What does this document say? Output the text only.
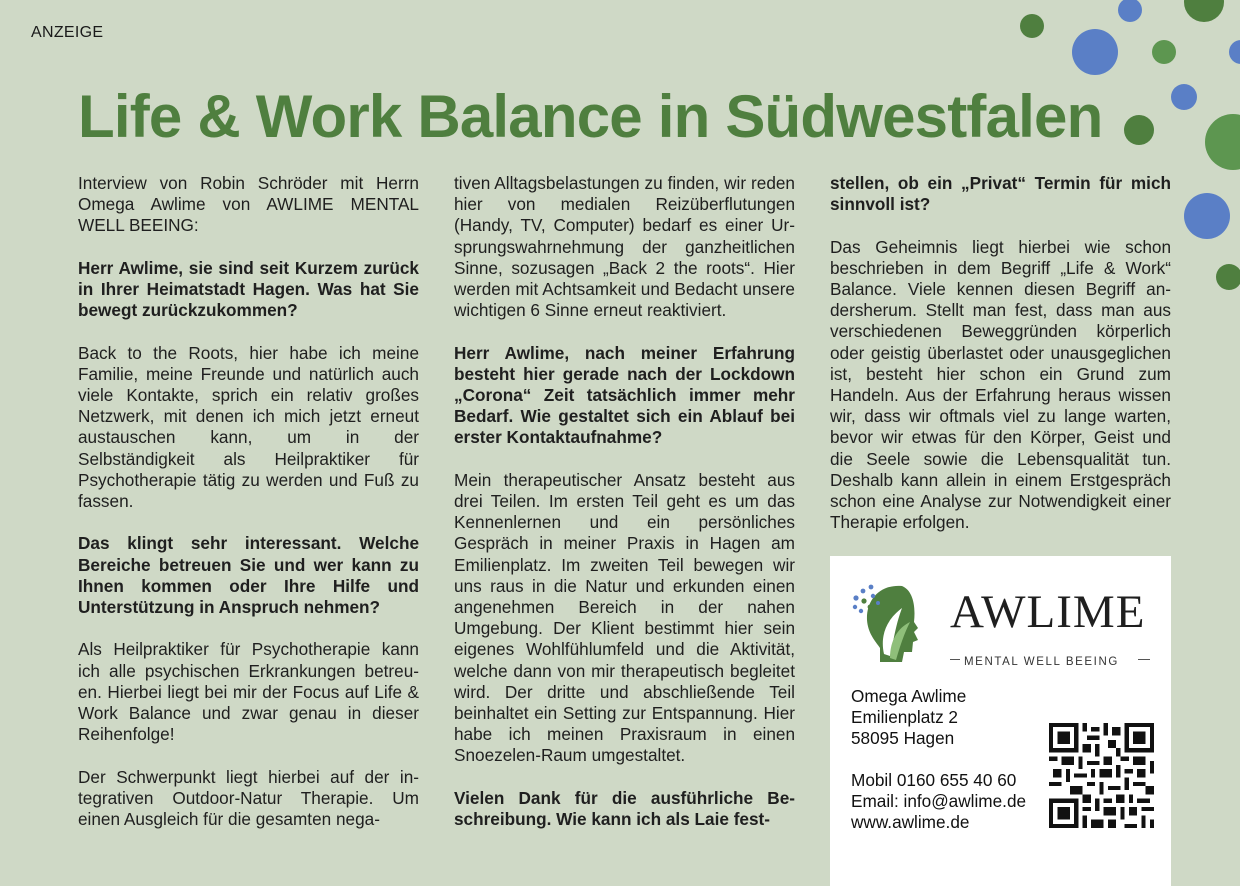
ANZEIGE
Life & Work Balance in Südwestfalen

Interview von Robin Schröder mit Herrn Omega Awlime von AWLIME MENTAL WELL BEEING:

Herr Awlime, sie sind seit Kurzem zurück in Ihrer Heimatstadt Hagen. Was hat Sie bewegt zurückzukommen?

Back to the Roots, hier habe ich meine Familie, meine Freunde und natürlich auch viele Kontakte, sprich ein relativ großes Netzwerk, mit denen ich mich jetzt erneut austauschen kann, um in der Selbständigkeit als Heilpraktiker für Psychotherapie tätig zu werden und Fuß zu fassen.

Das klingt sehr interessant. Welche Bereiche betreuen Sie und wer kann zu Ihnen kommen oder Ihre Hilfe und Unterstützung in Anspruch nehmen?

Als Heilpraktiker für Psychotherapie kann ich alle psychischen Erkrankungen betreuen. Hierbei liegt bei mir der Focus auf Life & Work Balance und zwar genau in dieser Reihenfolge!

Der Schwerpunkt liegt hierbei auf der integrativen Outdoor-Natur Therapie. Um einen Ausgleich für die gesamten nega-

tiven Alltagsbelastungen zu finden, wir reden hier von medialen Reizüberflutungen (Handy, TV, Computer) bedarf es einer Ursprungswahrnehmung der ganzheitlichen Sinne, sozusagen „Back 2 the roots“. Hier werden mit Achtsamkeit und Bedacht unsere wichtigen 6 Sinne erneut reaktiviert.

Herr Awlime, nach meiner Erfahrung besteht hier gerade nach der Lockdown „Corona“ Zeit tatsächlich immer mehr Bedarf. Wie gestaltet sich ein Ablauf bei erster Kontaktaufnahme?

Mein therapeutischer Ansatz besteht aus drei Teilen. Im ersten Teil geht es um das Kennenlernen und ein persönliches Gespräch in meiner Praxis in Hagen am Emilienplatz. Im zweiten Teil bewegen wir uns raus in die Natur und erkunden einen angenehmen Bereich in der nahen Umgebung. Der Klient bestimmt hier sein eigenes Wohlfühlumfeld und die Aktivität, welche dann von mir therapeutisch begleitet wird. Der dritte und abschließende Teil beinhaltet ein Setting zur Entspannung. Hier habe ich meinen Praxisraum in einen Snoezelen-Raum umgestaltet.

Vielen Dank für die ausführliche Beschreibung. Wie kann ich als Laie fest-

stellen, ob ein „Privat“ Termin für mich sinnvoll ist?

Das Geheimnis liegt hierbei wie schon beschrieben in dem Begriff „Life & Work“ Balance. Viele kennen diesen Begriff andersherum. Stellt man fest, dass man aus verschiedenen Beweggründen körperlich oder geistig überlastet oder unausgeglichen ist, besteht hier schon ein Grund zum Handeln. Aus der Erfahrung heraus wissen wir, dass wir oftmals viel zu lange warten, bevor wir etwas für den Körper, Geist und die Seele sowie die Lebensqualität tun. Deshalb kann allein in einem Erstgespräch schon eine Analyse zur Notwendigkeit einer Therapie erfolgen.

AWLIME
MENTAL WELL BEEING
Omega Awlime
Emilienplatz 2
58095 Hagen
Mobil 0160 655 40 60
Email: info@awlime.de
www.awlime.de
